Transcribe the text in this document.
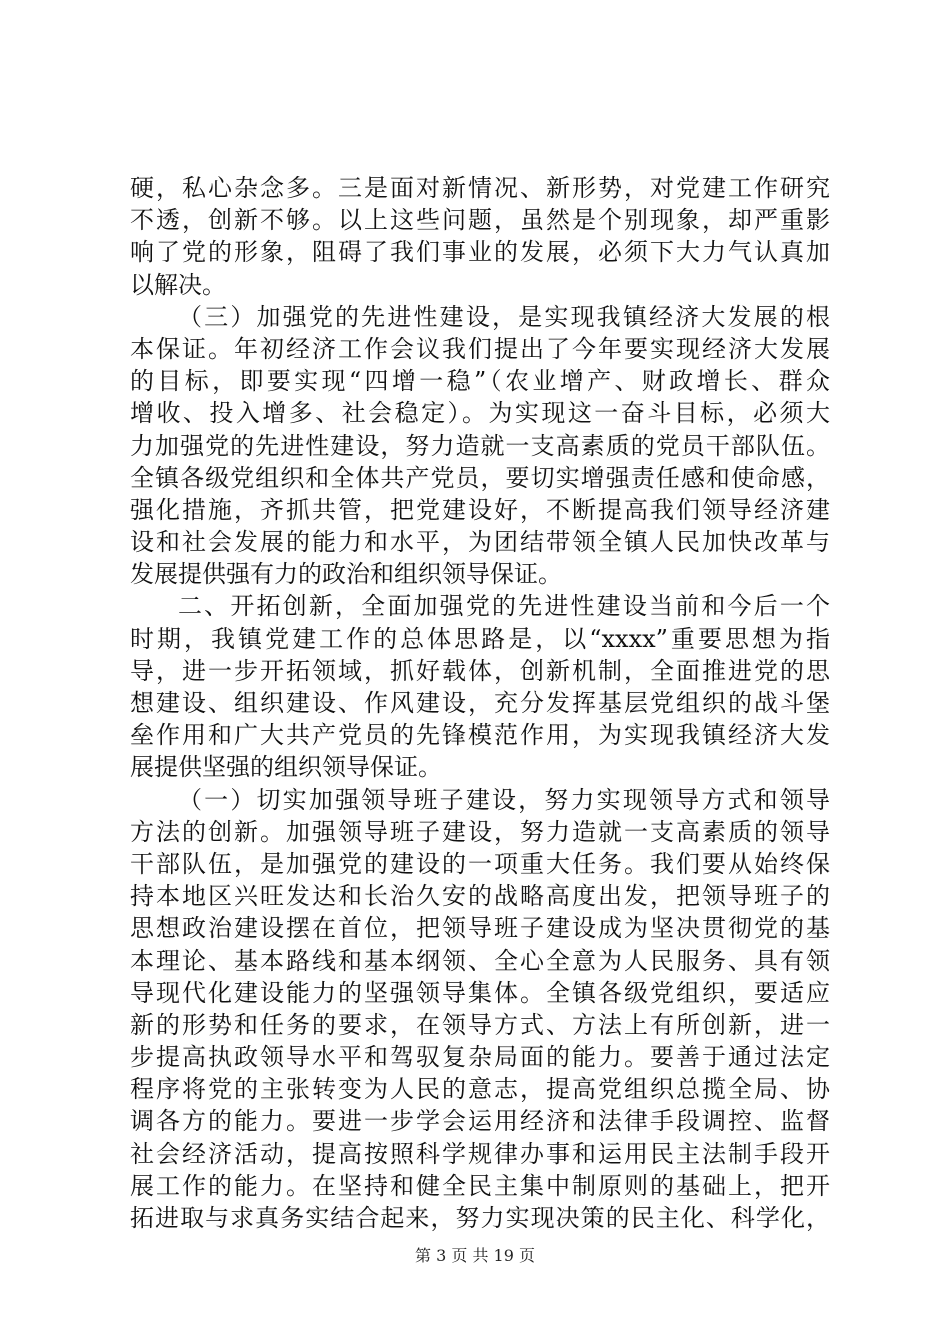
硬，私心杂念多。三是面对新情况、新形势，对党建工作研究
不透，创新不够。以上这些问题，虽然是个别现象，却严重影
响了党的形象，阻碍了我们事业的发展，必须下大力气认真加
以解决。
（三）加强党的先进性建设，是实现我镇经济大发展的根
本保证。年初经济工作会议我们提出了今年要实现经济大发展
的目标，即要实现“四增一稳”（农业增产、财政增长、群众
增收、投入增多、社会稳定）。为实现这一奋斗目标，必须大
力加强党的先进性建设，努力造就一支高素质的党员干部队伍。
全镇各级党组织和全体共产党员，要切实增强责任感和使命感，
强化措施，齐抓共管，把党建设好，不断提高我们领导经济建
设和社会发展的能力和水平，为团结带领全镇人民加快改革与
发展提供强有力的政治和组织领导保证。
二、开拓创新，全面加强党的先进性建设当前和今后一个
时期，我镇党建工作的总体思路是，以“xxxx”重要思想为指
导，进一步开拓领域，抓好载体，创新机制，全面推进党的思
想建设、组织建设、作风建设，充分发挥基层党组织的战斗堡
垒作用和广大共产党员的先锋模范作用，为实现我镇经济大发
展提供坚强的组织领导保证。
（一）切实加强领导班子建设，努力实现领导方式和领导
方法的创新。加强领导班子建设，努力造就一支高素质的领导
干部队伍，是加强党的建设的一项重大任务。我们要从始终保
持本地区兴旺发达和长治久安的战略高度出发，把领导班子的
思想政治建设摆在首位，把领导班子建设成为坚决贯彻党的基
本理论、基本路线和基本纲领、全心全意为人民服务、具有领
导现代化建设能力的坚强领导集体。全镇各级党组织，要适应
新的形势和任务的要求，在领导方式、方法上有所创新，进一
步提高执政领导水平和驾驭复杂局面的能力。要善于通过法定
程序将党的主张转变为人民的意志，提高党组织总揽全局、协
调各方的能力。要进一步学会运用经济和法律手段调控、监督
社会经济活动，提高按照科学规律办事和运用民主法制手段开
展工作的能力。在坚持和健全民主集中制原则的基础上，把开
拓进取与求真务实结合起来，努力实现决策的民主化、科学化，
第 3 页 共 19 页
